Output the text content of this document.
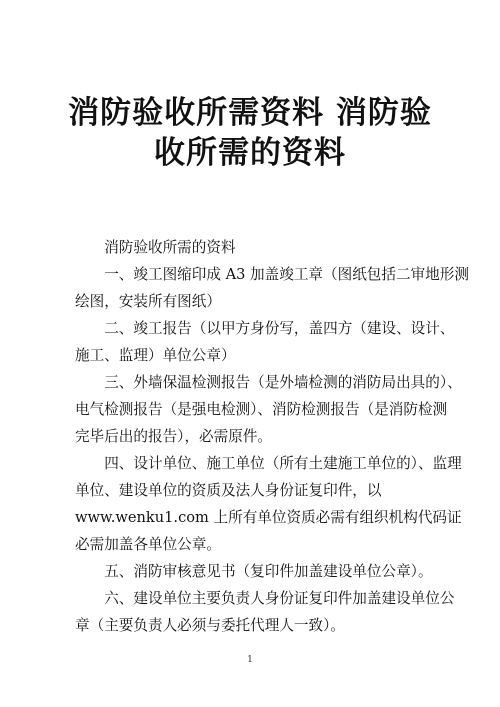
消防验收所需资料 消防验
收所需的资料
消防验收所需的资料
一、竣工图缩印成 A3 加盖竣工章（图纸包括二审地形测
绘图，安装所有图纸）
二、竣工报告（以甲方身份写，盖四方（建设、设计、
施工、监理）单位公章）
三、外墙保温检测报告（是外墙检测的消防局出具的）、
电气检测报告（是强电检测）、消防检测报告（是消防检测
完毕后出的报告），必需原件。
四、设计单位、施工单位（所有土建施工单位的）、监理
单位、建设单位的资质及法人身份证复印件，以
www.wenku1.com 上所有单位资质必需有组织机构代码证
必需加盖各单位公章。
五、消防审核意见书（复印件加盖建设单位公章）。
六、建设单位主要负责人身份证复印件加盖建设单位公
章（主要负责人必须与委托代理人一致）。
1
